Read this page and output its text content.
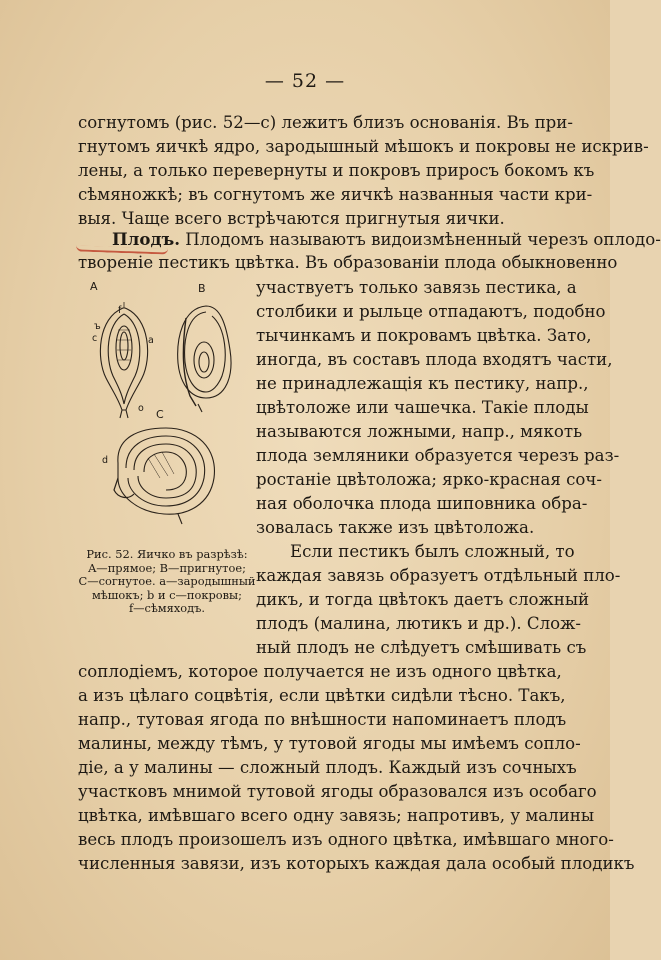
— 52 —
согнутомъ (рис. 52—с) лежитъ близъ основанія. Въ при-
гнутомъ яичкѣ ядро, зародышный мѣшокъ и покровы не искрив-
лены, а только перевернуты и покровъ приросъ бокомъ къ
сѣмяножкѣ; въ согнутомъ же яичкѣ названныя части кри-
выя. Чаще всего встрѣчаются пригнутыя яички.
Плодъ. Плодомъ называютъ видоизмѣненный черезъ оплодо-
твореніе пестикъ цвѣтка. Въ образованіи плода обыкновенно
участвуетъ только завязь пестика, а
столбики и рыльце отпадаютъ, подобно
тычинкамъ и покровамъ цвѣтка. Зато,
иногда, въ составъ плода входятъ части,
не принадлежащія къ пестику, напр.,
цвѣтоложе или чашечка. Такіе плоды
называются ложными, напр., мякоть
плода земляники образуется черезъ раз-
ростаніе цвѣтоложа; ярко-красная соч-
ная оболочка плода шиповника обра-
зовалась также изъ цвѣтоложа.
Если пестикъ былъ сложный, то
каждая завязь образуетъ отдѣльный пло-
дикъ, и тогда цвѣтокъ даетъ сложный
плодъ (малина, лютикъ и др.). Слож-
ный плодъ не слѣдуетъ смѣшивать съ
соплодіемъ, которое получается не изъ одного цвѣтка,
а изъ цѣлаго соцвѣтія, если цвѣтки сидѣли тѣсно. Такъ,
напр., тутовая ягода по внѣшности напоминаетъ плодъ
малины, между тѣмъ, у тутовой ягоды мы имѣемъ сопло-
діе, а у малины — сложный плодъ. Каждый изъ сочныхъ
участковъ мнимой тутовой ягоды образовался изъ особаго
цвѣтка, имѣвшаго всего одну завязь; напротивъ, у малины
весь плодъ произошелъ изъ одного цвѣтка, имѣвшаго много-
численныя завязи, изъ которыхъ каждая дала особый плодикъ
A	B
C
f
ъ
c	a
o
d
Рис. 52. Яичко въ разрѣзѣ:
A—прямое; B—пригнутое;
C—согнутое. a—зародышный
мѣшокъ; b и c—покровы;
f—сѣмяходъ.
